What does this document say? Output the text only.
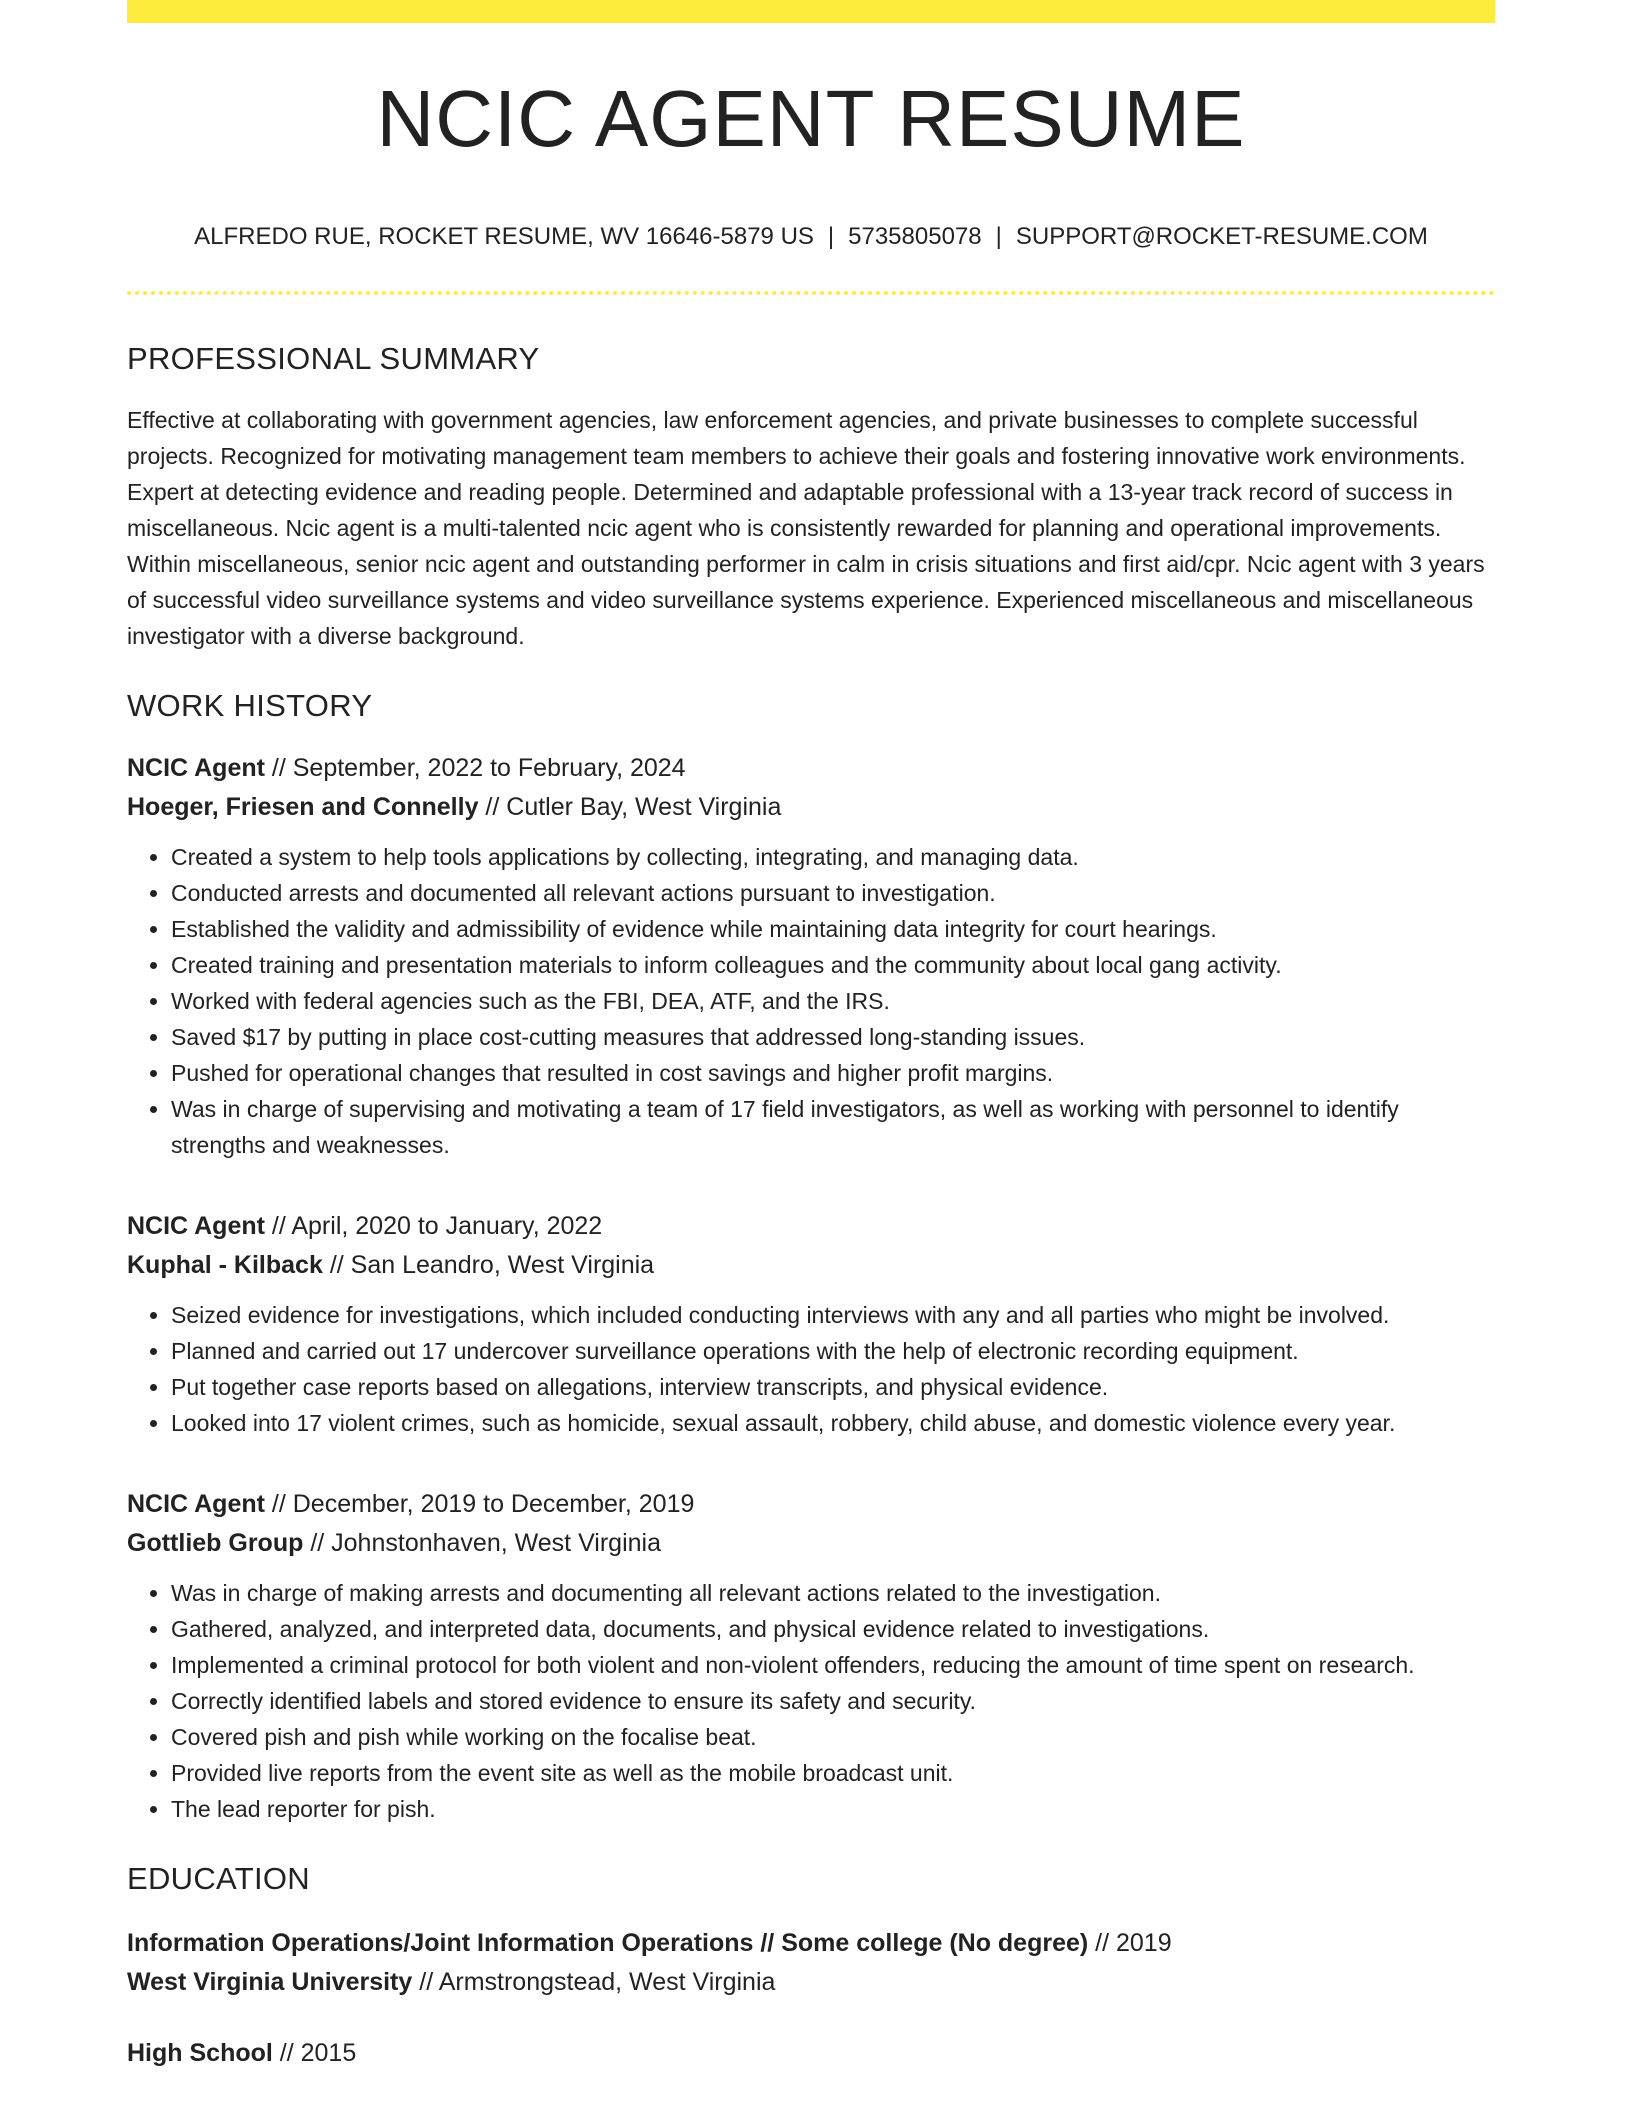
NCIC AGENT RESUME
ALFREDO RUE, ROCKET RESUME, WV 16646-5879 US | 5735805078 | SUPPORT@ROCKET-RESUME.COM
PROFESSIONAL SUMMARY
Effective at collaborating with government agencies, law enforcement agencies, and private businesses to complete successful projects. Recognized for motivating management team members to achieve their goals and fostering innovative work environments. Expert at detecting evidence and reading people. Determined and adaptable professional with a 13-year track record of success in miscellaneous. Ncic agent is a multi-talented ncic agent who is consistently rewarded for planning and operational improvements. Within miscellaneous, senior ncic agent and outstanding performer in calm in crisis situations and first aid/cpr. Ncic agent with 3 years of successful video surveillance systems and video surveillance systems experience. Experienced miscellaneous and miscellaneous investigator with a diverse background.
WORK HISTORY
NCIC Agent // September, 2022 to February, 2024
Hoeger, Friesen and Connelly // Cutler Bay, West Virginia
• Created a system to help tools applications by collecting, integrating, and managing data.
• Conducted arrests and documented all relevant actions pursuant to investigation.
• Established the validity and admissibility of evidence while maintaining data integrity for court hearings.
• Created training and presentation materials to inform colleagues and the community about local gang activity.
• Worked with federal agencies such as the FBI, DEA, ATF, and the IRS.
• Saved $17 by putting in place cost-cutting measures that addressed long-standing issues.
• Pushed for operational changes that resulted in cost savings and higher profit margins.
• Was in charge of supervising and motivating a team of 17 field investigators, as well as working with personnel to identify strengths and weaknesses.
NCIC Agent // April, 2020 to January, 2022
Kuphal - Kilback // San Leandro, West Virginia
• Seized evidence for investigations, which included conducting interviews with any and all parties who might be involved.
• Planned and carried out 17 undercover surveillance operations with the help of electronic recording equipment.
• Put together case reports based on allegations, interview transcripts, and physical evidence.
• Looked into 17 violent crimes, such as homicide, sexual assault, robbery, child abuse, and domestic violence every year.
NCIC Agent // December, 2019 to December, 2019
Gottlieb Group // Johnstonhaven, West Virginia
• Was in charge of making arrests and documenting all relevant actions related to the investigation.
• Gathered, analyzed, and interpreted data, documents, and physical evidence related to investigations.
• Implemented a criminal protocol for both violent and non-violent offenders, reducing the amount of time spent on research.
• Correctly identified labels and stored evidence to ensure its safety and security.
• Covered pish and pish while working on the focalise beat.
• Provided live reports from the event site as well as the mobile broadcast unit.
• The lead reporter for pish.
EDUCATION
Information Operations/Joint Information Operations // Some college (No degree) // 2019
West Virginia University // Armstrongstead, West Virginia
High School // 2015
